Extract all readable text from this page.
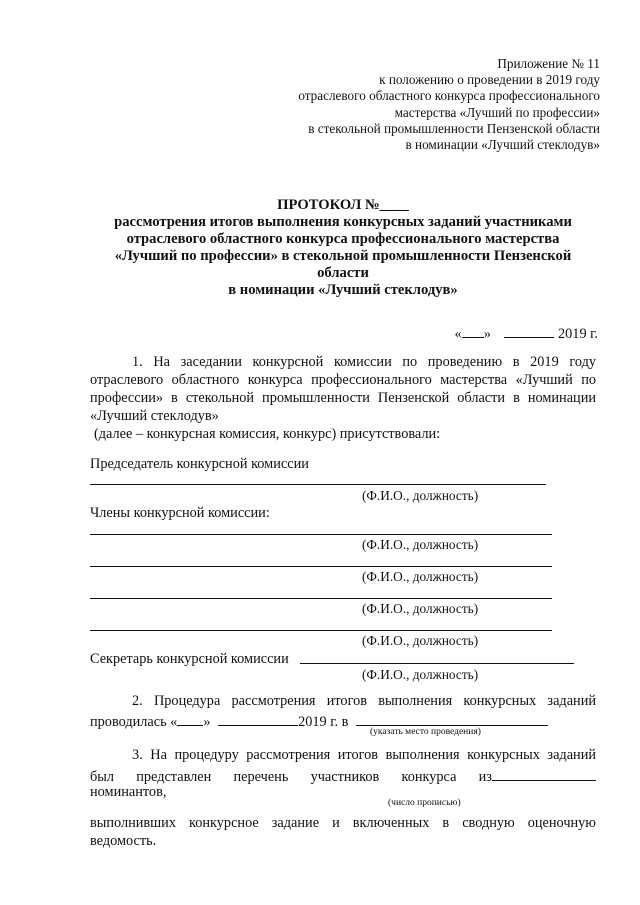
Приложение № 11
к положению о проведении в 2019 году
отраслевого областного конкурса профессионального
мастерства «Лучший по профессии»
в стекольной промышленности Пензенской области
в номинации «Лучший стеклодув»
ПРОТОКОЛ №____
рассмотрения итогов выполнения конкурсных заданий участниками
отраслевого областного конкурса профессионального мастерства
«Лучший по профессии» в стекольной промышленности Пензенской
области
в номинации «Лучший стеклодув»
« »	2019 г.
1. На заседании конкурсной комиссии по проведению в 2019 году
отраслевого областного конкурса профессионального мастерства «Лучший по
профессии» в стекольной промышленности Пензенской области в номинации
«Лучший стеклодув»
(далее – конкурсная комиссия, конкурс) присутствовали:
Председатель конкурсной комиссии
(Ф.И.О., должность)
Члены конкурсной комиссии:
(Ф.И.О., должность)
(Ф.И.О., должность)
(Ф.И.О., должность)
(Ф.И.О., должность)
Секретарь конкурсной комиссии
(Ф.И.О., должность)
2. Процедура рассмотрения итогов выполнения конкурсных заданий
проводилась « »	2019 г. в
(указать место проведения)
3. На процедуру рассмотрения итогов выполнения конкурсных заданий
был представлен перечень участников конкурса из
номинантов,
(число прописью)
выполнивших конкурсное задание и включенных в сводную оценочную
ведомость.
